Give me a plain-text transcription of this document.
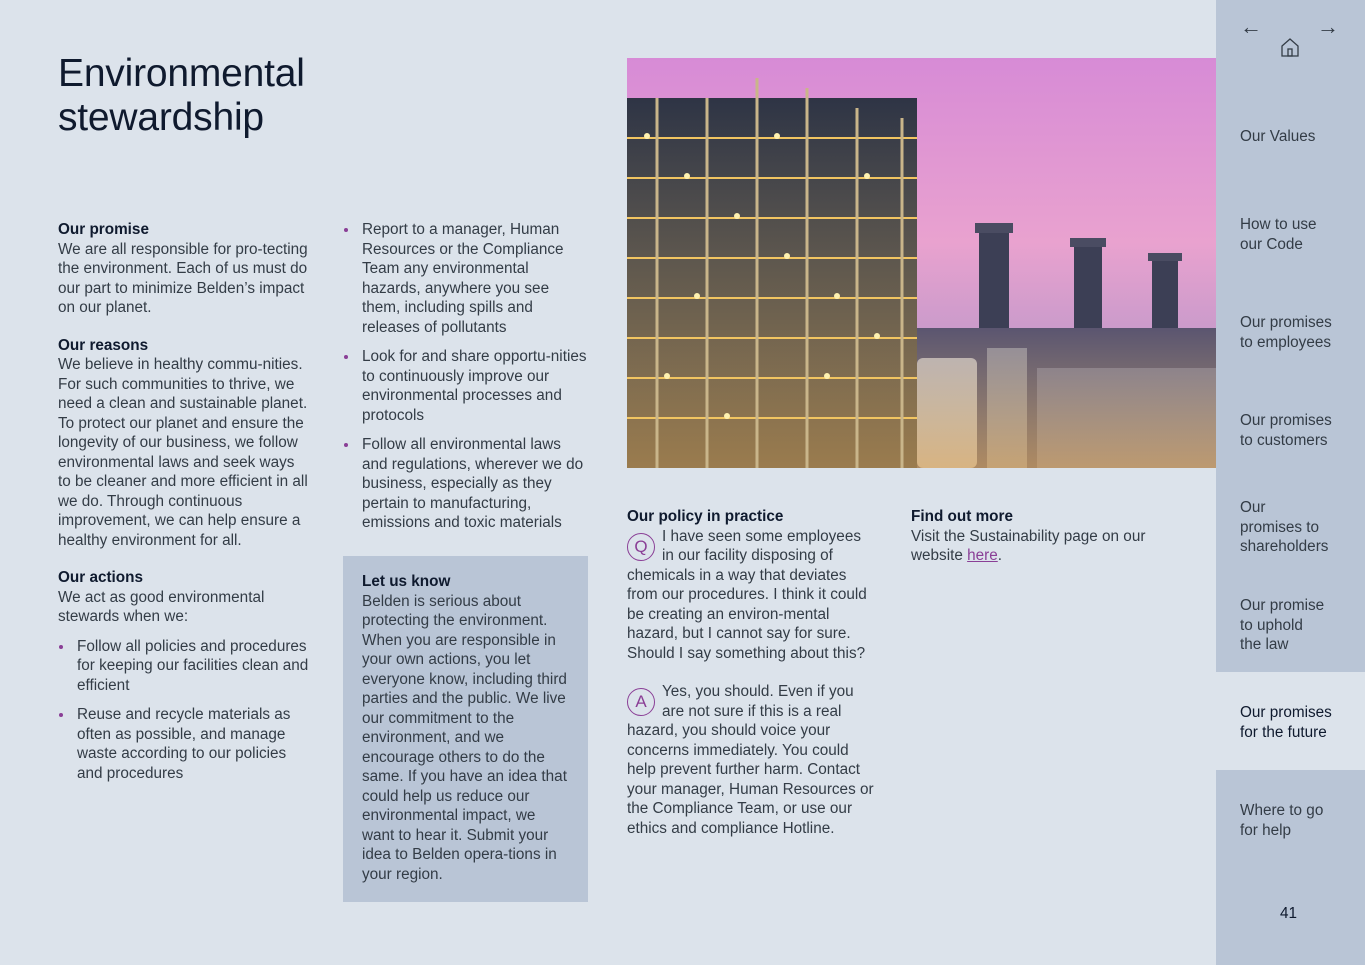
Environmental
stewardship
Our promise

We are all responsible for pro-tecting the environment. Each of us must do our part to minimize Belden’s impact on our planet.

Our reasons

We believe in healthy commu-nities. For such communities to thrive, we need a clean and sustainable planet. To protect our planet and ensure the longevity of our business, we follow environmental laws and seek ways to be cleaner and more efficient in all we do. Through continuous improvement, we can help ensure a healthy environment for all.

Our actions

We act as good environmental stewards when we:

Follow all policies and procedures for keeping our facilities clean and efficient
Reuse and recycle materials as often as possible, and manage waste according to our policies and procedures
Report to a manager, Human Resources or the Compliance Team any environmental hazards, anywhere you see them, including spills and releases of pollutants
Look for and share opportu-nities to continuously improve our environmental processes and protocols
Follow all environmental laws and regulations, wherever we do business, especially as they pertain to manufacturing, emissions and toxic materials
Let us know

Belden is serious about protecting the environment. When you are responsible in your own actions, you let everyone know, including third parties and the public. We live our commitment to the environment, and we encourage others to do the same. If you have an idea that could help us reduce our environmental impact, we want to hear it. Submit your idea to Belden opera-tions in your region.

Our policy in practice
Q

I have seen some employees in our facility disposing of chemicals in a way that deviates from our procedures. I think it could be creating an environ-mental hazard, but I cannot say for sure. Should I say something about this?

A

Yes, you should. Even if you are not sure if this is a real hazard, you should voice your concerns immediately. You could help prevent further harm. Contact your manager, Human Resources or the Compliance Team, or use our ethics and compliance Hotline.

Find out more

Visit the Sustainability page on our website here.

←	→
Our Values
How to use
our Code
Our promises
to employees
Our promises
to customers
Our
promises to
shareholders
Our promise
to uphold
the law
Our promises
for the future
Where to go
for help
41
